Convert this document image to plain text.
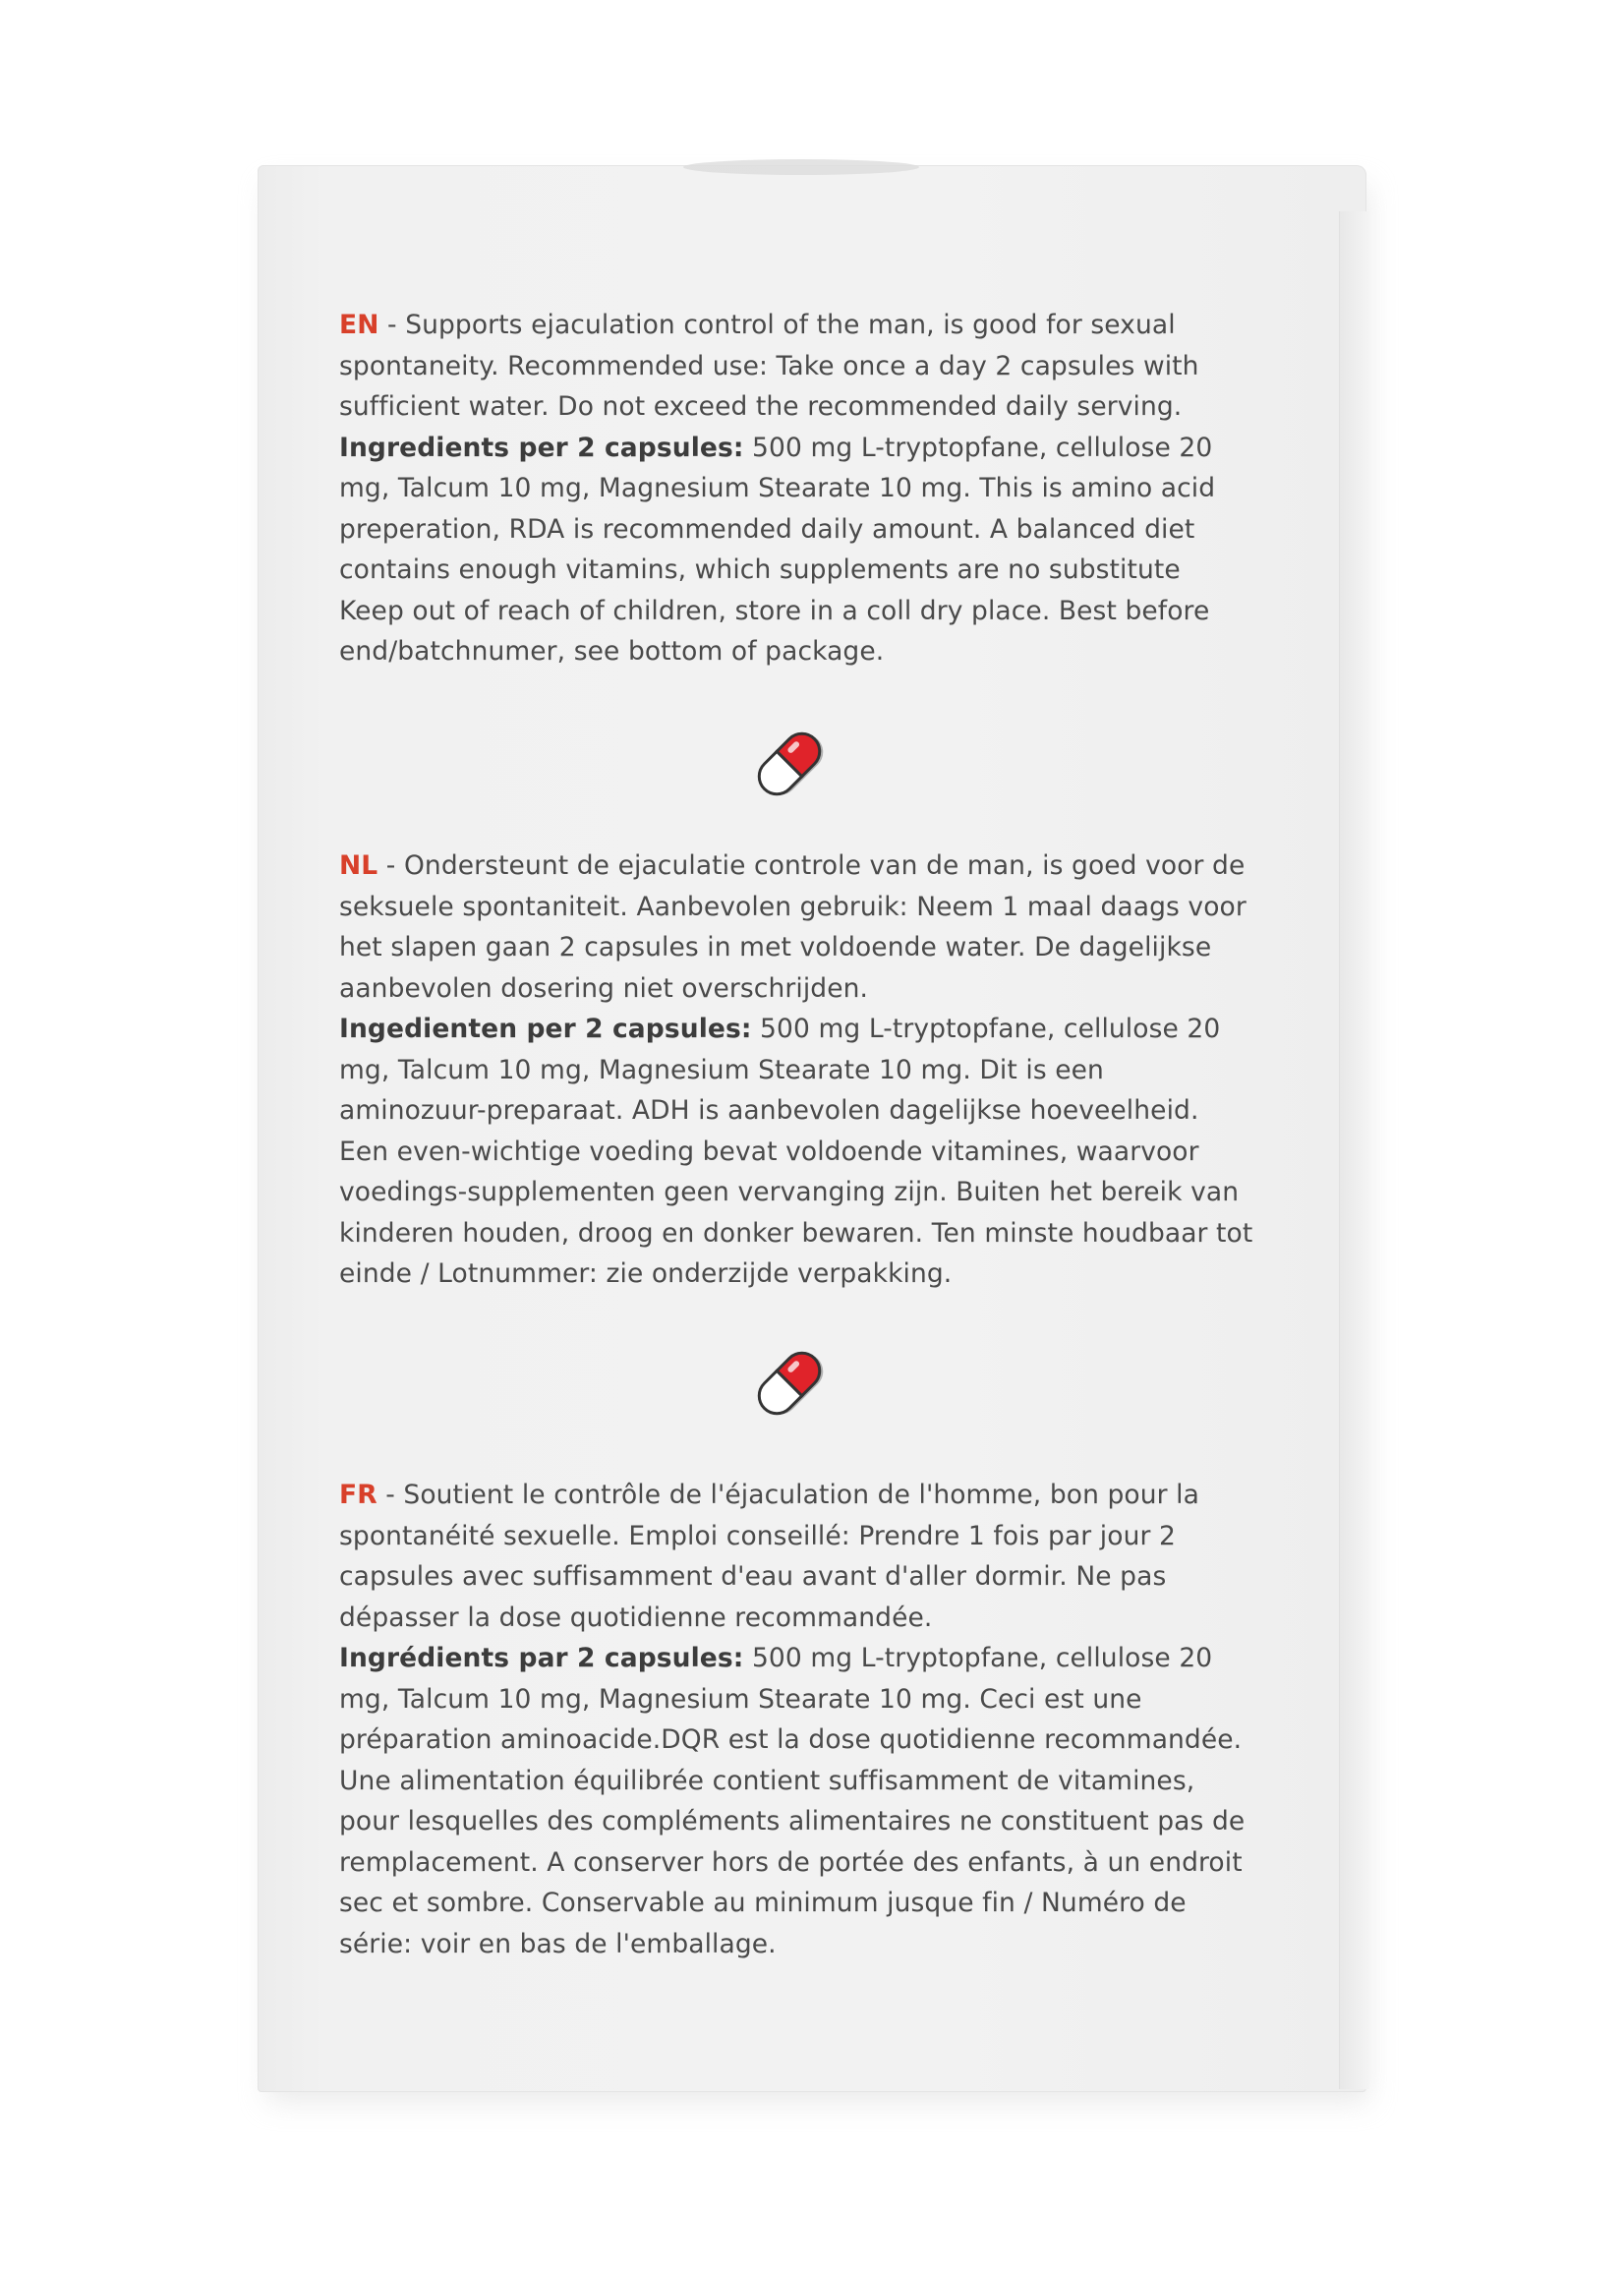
EN - Supports ejaculation control of the man, is good for sexual spontaneity. Recommended use: Take once a day 2 capsules with sufficient water. Do not exceed the recommended daily serving.

Ingredients per 2 capsules: 500 mg L-tryptopfane, cellulose 20 mg, Talcum 10 mg, Magnesium Stearate 10 mg. This is amino acid preperation, RDA is recommended daily amount. A balanced diet contains enough vitamins, which supplements are no substitute Keep out of reach of children, store in a coll dry place. Best before end/batchnumer, see bottom of package.

NL - Ondersteunt de ejaculatie controle van de man, is goed voor de seksuele spontaniteit. Aanbevolen gebruik: Neem 1 maal daags voor het slapen gaan 2 capsules in met voldoende water. De dagelijkse aanbevolen dosering niet overschrijden.

Ingedienten per 2 capsules: 500 mg L-tryptopfane, cellulose 20 mg, Talcum 10 mg, Magnesium Stearate 10 mg. Dit is een aminozuur-preparaat. ADH is aanbevolen dagelijkse hoeveelheid. Een even-wichtige voeding bevat voldoende vitamines, waarvoor voedings-supplementen geen vervanging zijn. Buiten het bereik van kinderen houden, droog en donker bewaren. Ten minste houdbaar tot einde / Lotnummer: zie onderzijde verpakking.

FR - Soutient le contrôle de l'éjaculation de l'homme, bon pour la spontanéité sexuelle. Emploi conseillé: Prendre 1 fois par jour 2 capsules avec suffisamment d'eau avant d'aller dormir. Ne pas dépasser la dose quotidienne recommandée.

Ingrédients par 2 capsules: 500 mg L-tryptopfane, cellulose 20 mg, Talcum 10 mg, Magnesium Stearate 10 mg. Ceci est une préparation aminoacide.DQR est la dose quotidienne recommandée. Une alimentation équilibrée contient suffisamment de vitamines, pour lesquelles des compléments alimentaires ne constituent pas de remplacement. A conserver hors de portée des enfants, à un endroit sec et sombre. Conservable au minimum jusque fin / Numéro de série: voir en bas de l'emballage.
